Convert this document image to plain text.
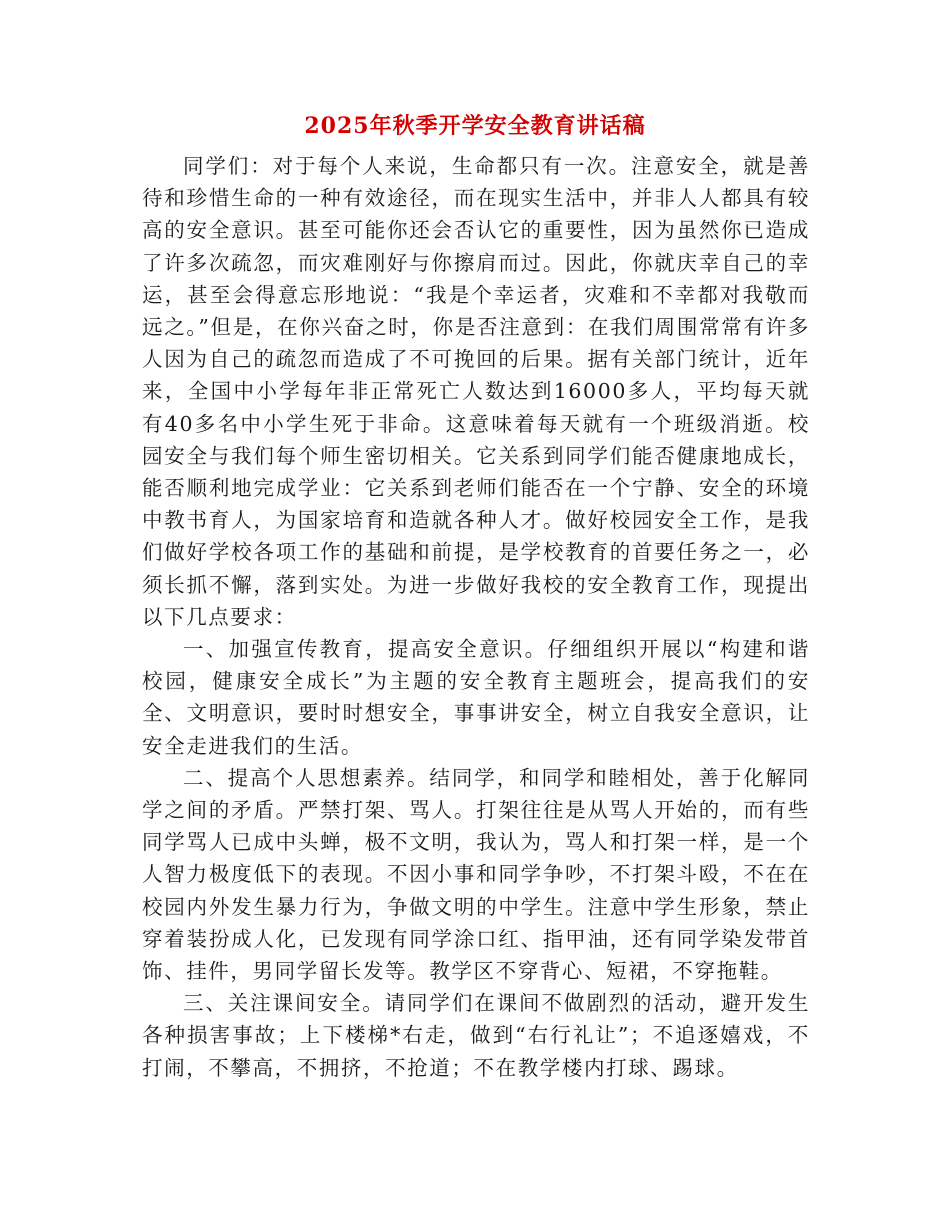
2025年秋季开学安全教育讲话稿

同学们：对于每个人来说，生命都只有一次。注意安全，就是善待和珍惜生命的一种有效途径，而在现实生活中，并非人人都具有较高的安全意识。甚至可能你还会否认它的重要性，因为虽然你已造成了许多次疏忽，而灾难刚好与你擦肩而过。因此，你就庆幸自己的幸运，甚至会得意忘形地说：“我是个幸运者，灾难和不幸都对我敬而远之。”但是，在你兴奋之时，你是否注意到：在我们周围常常有许多人因为自己的疏忽而造成了不可挽回的后果。据有关部门统计，近年来，全国中小学每年非正常死亡人数达到16000多人，平均每天就有40多名中小学生死于非命。这意味着每天就有一个班级消逝。校园安全与我们每个师生密切相关。它关系到同学们能否健康地成长，能否顺利地完成学业：它关系到老师们能否在一个宁静、安全的环境中教书育人，为国家培育和造就各种人才。做好校园安全工作，是我们做好学校各项工作的基础和前提，是学校教育的首要任务之一，必须长抓不懈，落到实处。为进一步做好我校的安全教育工作，现提出以下几点要求：

一、加强宣传教育，提高安全意识。仔细组织开展以“构建和谐校园，健康安全成长”为主题的安全教育主题班会，提高我们的安全、文明意识，要时时想安全，事事讲安全，树立自我安全意识，让安全走进我们的生活。

二、提高个人思想素养。结同学，和同学和睦相处，善于化解同学之间的矛盾。严禁打架、骂人。打架往往是从骂人开始的，而有些同学骂人已成中头蝉，极不文明，我认为，骂人和打架一样，是一个人智力极度低下的表现。不因小事和同学争吵，不打架斗殴，不在在校园内外发生暴力行为，争做文明的中学生。注意中学生形象，禁止穿着装扮成人化，已发现有同学涂口红、指甲油，还有同学染发带首饰、挂件，男同学留长发等。教学区不穿背心、短裙，不穿拖鞋。

三、关注课间安全。请同学们在课间不做剧烈的活动，避开发生各种损害事故；上下楼梯*右走，做到“右行礼让”；不追逐嬉戏，不打闹，不攀高，不拥挤，不抢道；不在教学楼内打球、踢球。
